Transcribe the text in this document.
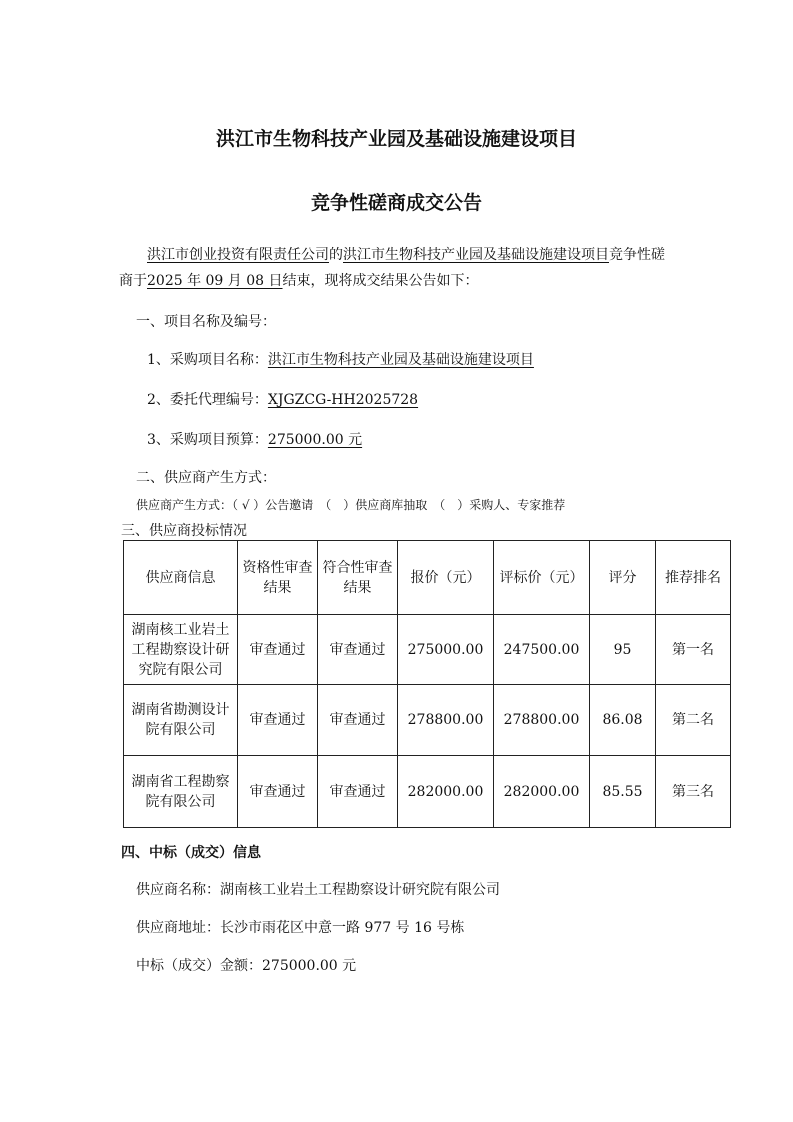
洪江市生物科技产业园及基础设施建设项目
竞争性磋商成交公告
洪江市创业投资有限责任公司的洪江市生物科技产业园及基础设施建设项目竞争性磋
商于2025 年 09 月 08 日结束，现将成交结果公告如下：
一、项目名称及编号：
1、采购项目名称：洪江市生物科技产业园及基础设施建设项目
2、委托代理编号：XJGZCG-HH2025728
3、采购项目预算：275000.00 元
二、供应商产生方式：
供应商产生方式：（ √ ）公告邀请　（　）供应商库抽取　（　）采购人、专家推荐
三、供应商投标情况
供应商信息	资格性审查结果	符合性审查结果	报价（元）	评标价（元）	评分	推荐排名
湖南核工业岩土工程勘察设计研究院有限公司	审查通过	审查通过	275000.00	247500.00	95	第一名
湖南省勘测设计院有限公司	审查通过	审查通过	278800.00	278800.00	86.08	第二名
湖南省工程勘察院有限公司	审查通过	审查通过	282000.00	282000.00	85.55	第三名
四、中标（成交）信息
供应商名称：湖南核工业岩土工程勘察设计研究院有限公司
供应商地址：长沙市雨花区中意一路 977 号 16 号栋
中标（成交）金额：275000.00 元
